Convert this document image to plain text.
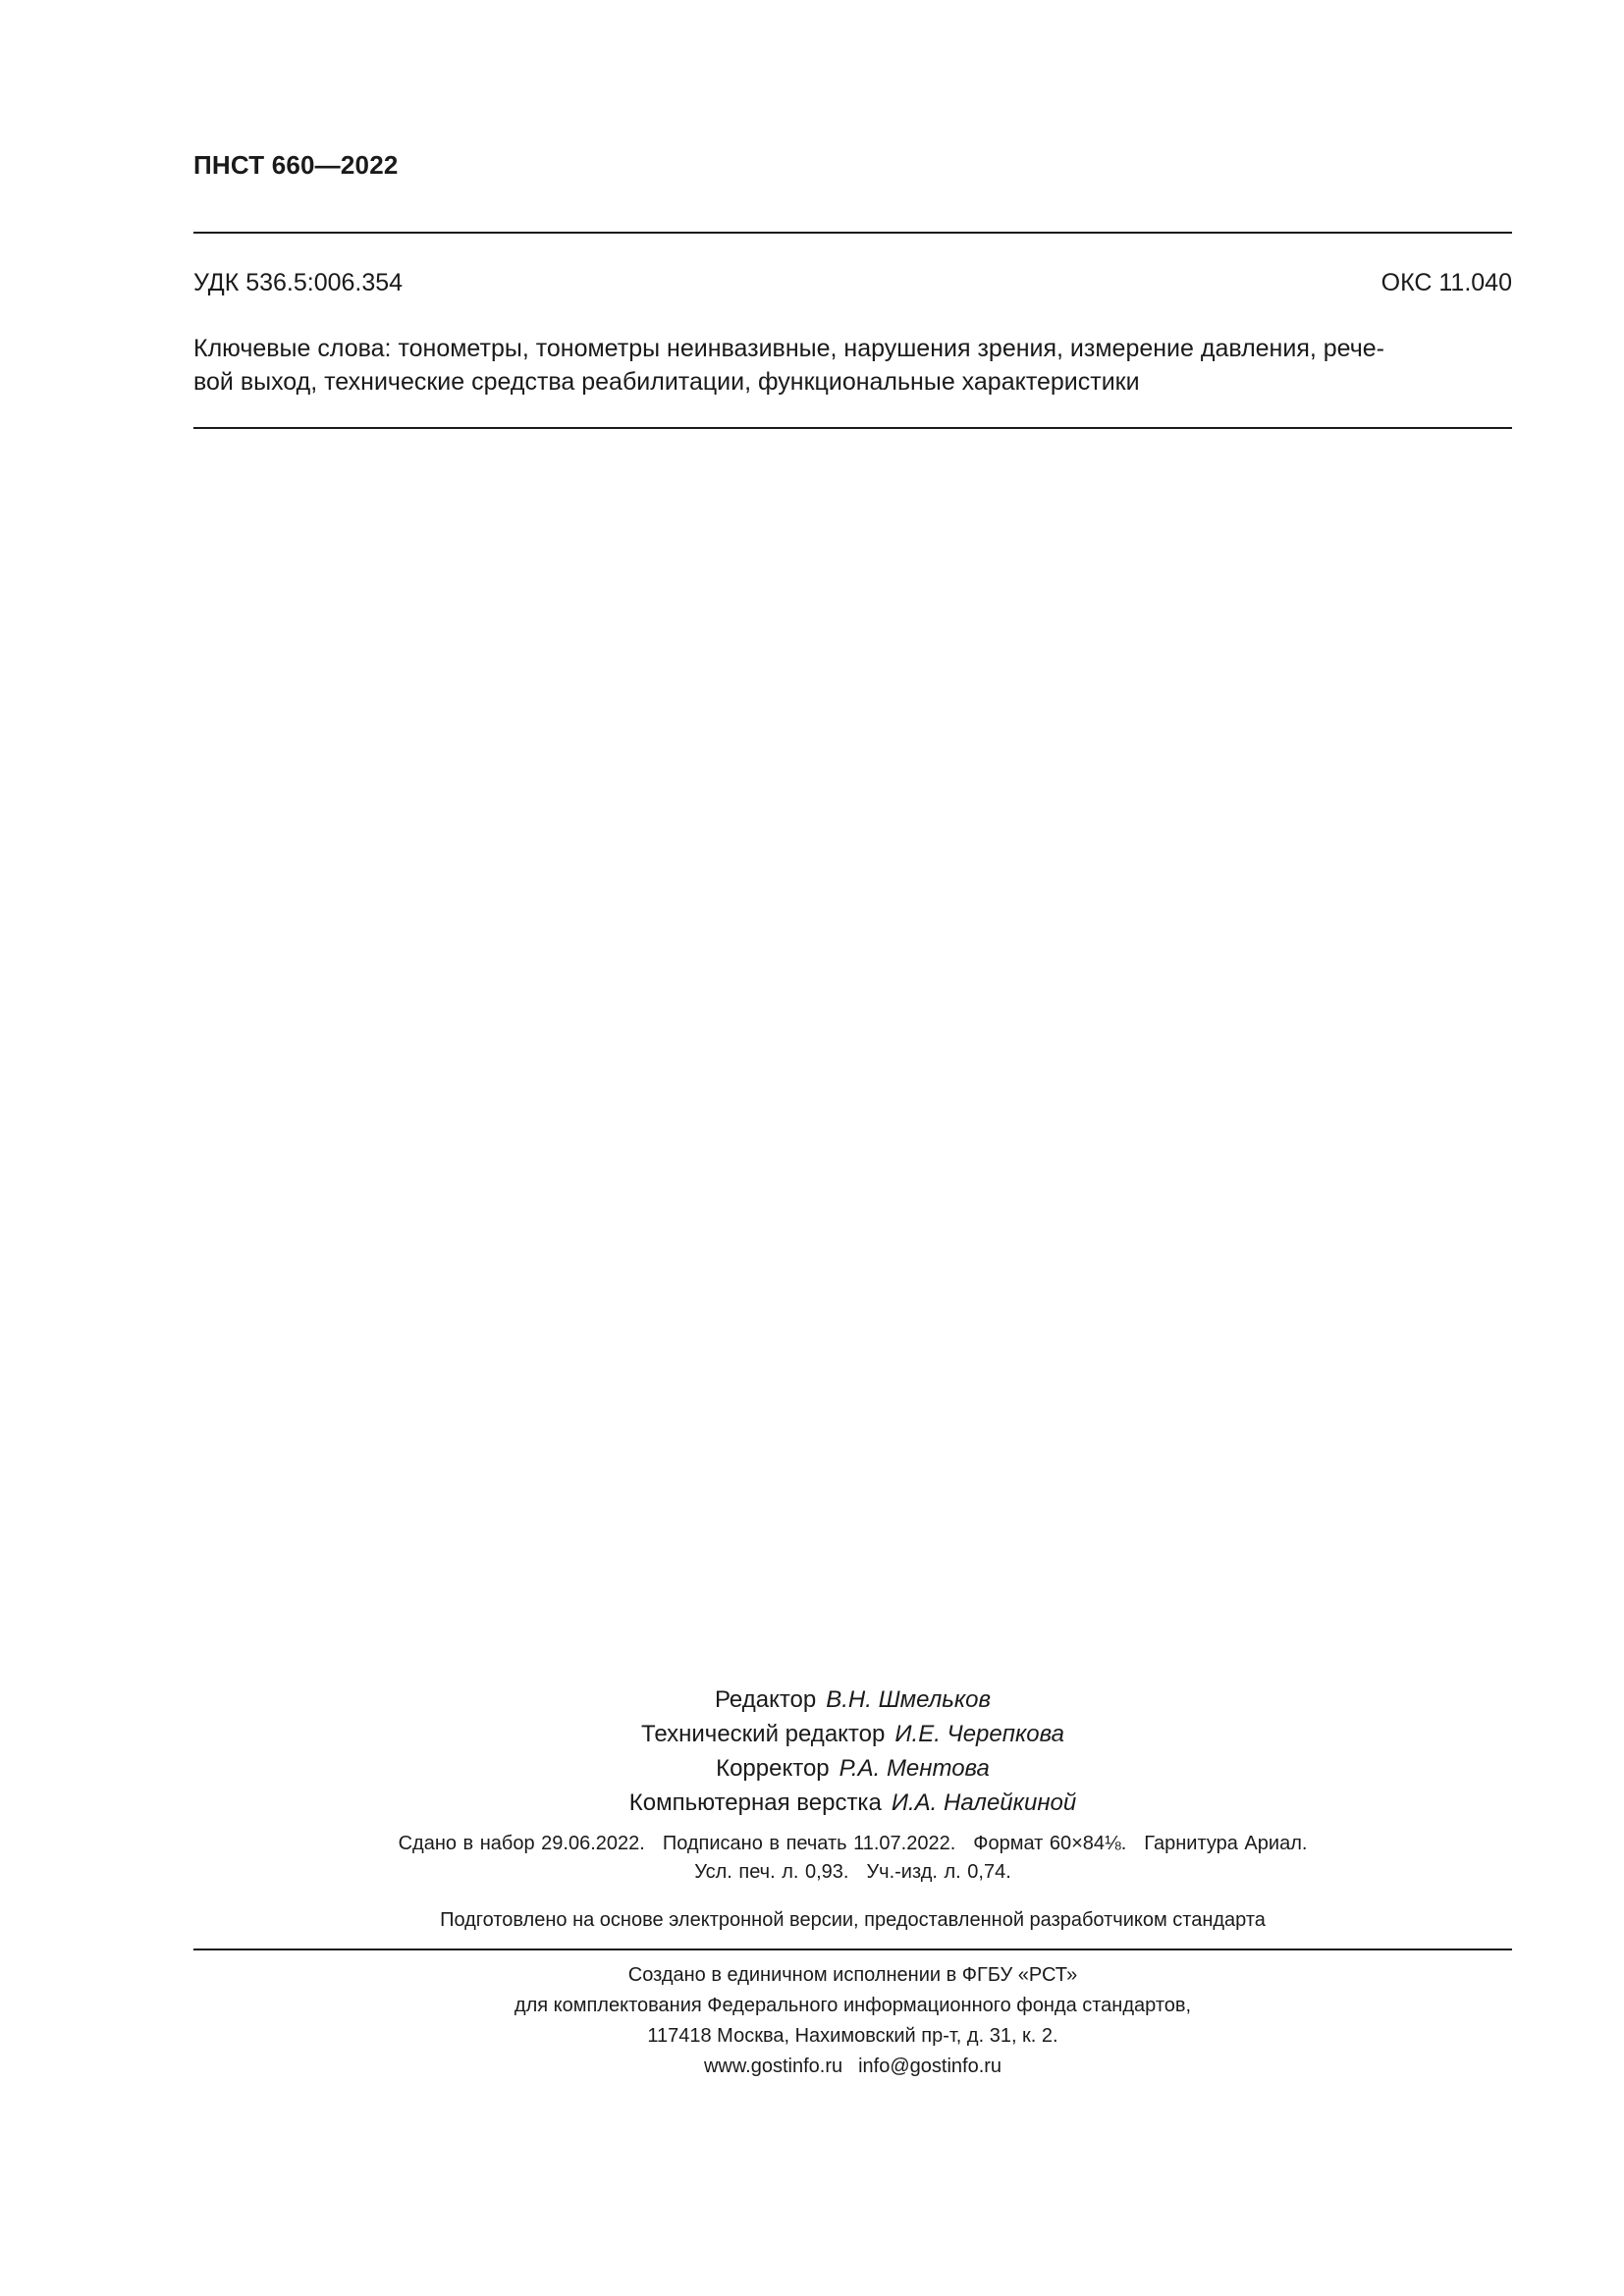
ПНСТ 660—2022
УДК 536.5:006.354	ОКС 11.040
Ключевые слова: тонометры, тонометры неинвазивные, нарушения зрения, измерение давления, рече-
вой выход, технические средства реабилитации, функциональные характеристики
Редактор В.Н. Шмельков
Технический редактор И.Е. Черепкова
Корректор Р.А. Ментова
Компьютерная верстка И.А. Налейкиной
Сдано в набор 29.06.2022. Подписано в печать 11.07.2022. Формат 60×84⅛. Гарнитура Ариал.
Усл. печ. л. 0,93. Уч.-изд. л. 0,74.
Подготовлено на основе электронной версии, предоставленной разработчиком стандарта
Создано в единичном исполнении в ФГБУ «РСТ»
для комплектования Федерального информационного фонда стандартов,
117418 Москва, Нахимовский пр-т, д. 31, к. 2.
www.gostinfo.ru info@gostinfo.ru
